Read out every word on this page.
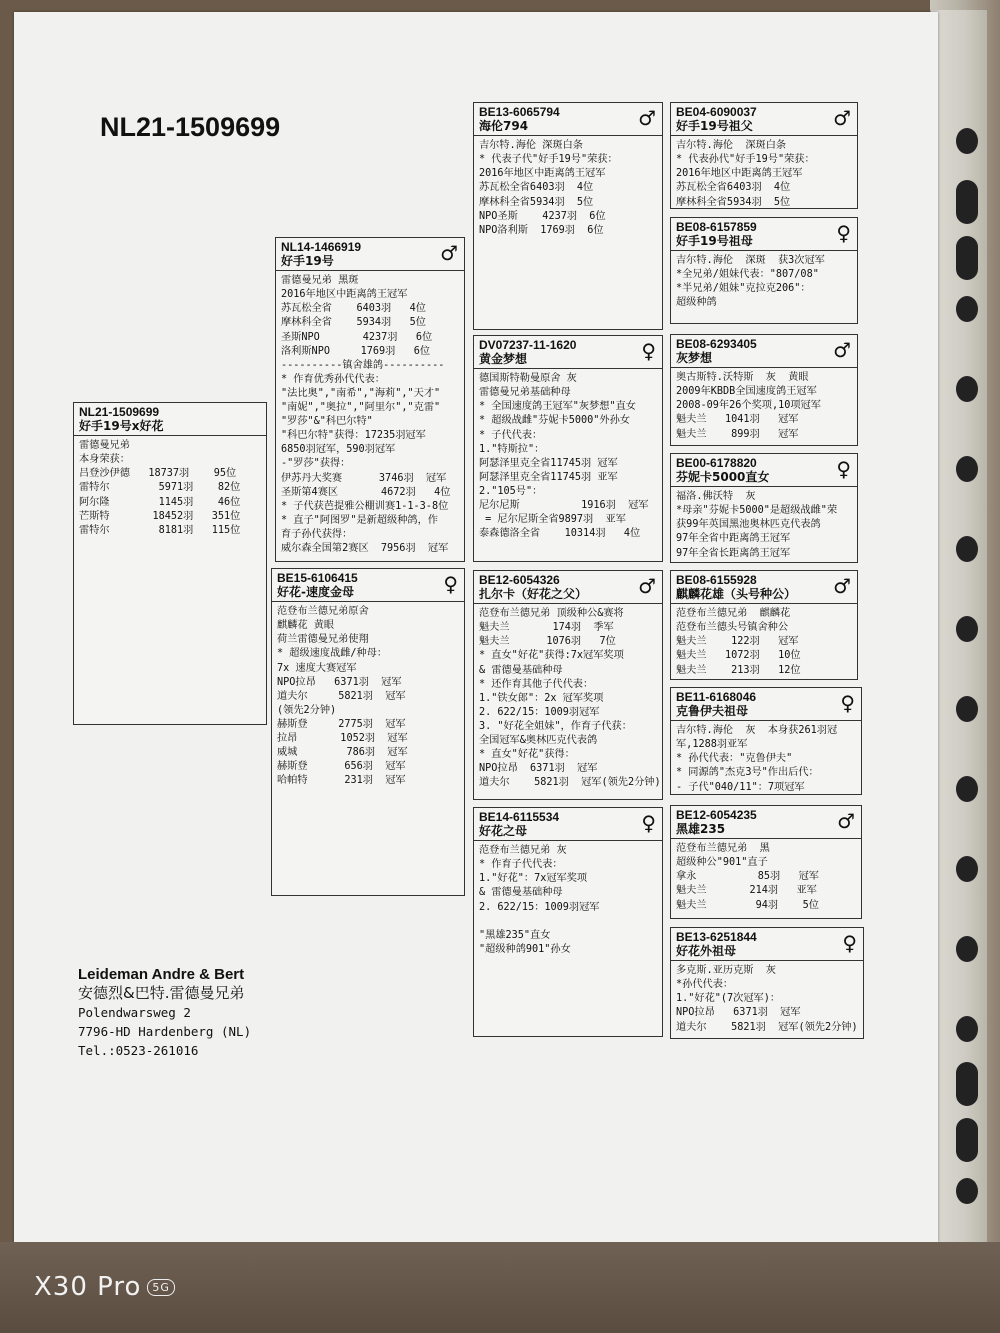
NL21-1509699
NL21-1509699
好手19号x好花
雷德曼兄弟
本身荣获：
吕登沙伊德   18737羽    95位
雷特尔        5971羽    82位
阿尔隆        1145羽    46位
芒斯特       18452羽   351位
雷特尔        8181羽   115位
NL14-1466919
好手19号	♂
雷德曼兄弟 黑斑
2016年地区中距离鸽王冠军
苏瓦松全省    6403羽   4位
摩林科全省    5934羽   5位
圣斯NPO       4237羽   6位
洛利斯NPO     1769羽   6位
----------镇舍雄鸽----------
* 作育优秀孙代代表：
"法比奥","南希","海莉","天才"
"南妮","奥拉","阿里尔","克雷"
"罗莎"&"科巴尔特"
"科巴尔特"获得：17235羽冠军
6850羽冠军，590羽冠军
-"罗莎"获得：
伊苏丹大奖赛      3746羽  冠军
圣斯第4赛区       4672羽   4位
* 子代获芭提雅公棚训赛1-1-3-8位
* 直子"阿图罗"是新超级种鸽，作
育子孙代获得：
威尔森全国第2赛区  7956羽  冠军
BE15-6106415
好花-速度金母	♀
范登布兰德兄弟原舍
麒麟花 黄眼
荷兰雷德曼兄弟使翔
* 超级速度战雌/种母：
7x 速度大赛冠军
NPO拉昂   6371羽  冠军
道夫尔     5821羽  冠军
(领先2分钟)
赫斯登     2775羽  冠军
拉昂       1052羽  冠军
威城        786羽  冠军
赫斯登      656羽  冠军
哈帕特      231羽  冠军
BE13-6065794
海伦794	♂
吉尔特.海伦 深斑白条
* 代表子代"好手19号"荣获：
2016年地区中距离鸽王冠军
苏瓦松全省6403羽  4位
摩林科全省5934羽  5位
NPO圣斯    4237羽  6位
NPO洛利斯  1769羽  6位
DV07237-11-1620
黄金梦想	♀
德国斯特勒曼原舍 灰
雷德曼兄弟基础种母
* 全国速度鸽王冠军"灰梦想"直女
* 超级战雌"芬妮卡5000"外孙女
* 子代代表：
1."特斯拉"：
阿瑟泽里克全省11745羽 冠军
阿瑟泽里克全省11745羽 亚军
2."105号"：
尼尔尼斯          1916羽  冠军
= 尼尔尼斯全省9897羽  亚军
泰森德洛全省    10314羽   4位
BE12-6054326
扎尔卡（好花之父）	♂
范登布兰德兄弟 顶级种公&赛将
魁夫兰       174羽  季军
魁夫兰      1076羽   7位
* 直女"好花"获得:7x冠军奖项
& 雷德曼基础种母
* 还作育其他子代代表：
1."铁女郎"：2x 冠军奖项
2. 622/15：1009羽冠军
3. "好花全姐妹"，作育子代获：
全国冠军&奥林匹克代表鸽
* 直女"好花"获得：
NPO拉昂  6371羽  冠军
道夫尔    5821羽  冠军(领先2分钟)
BE14-6115534
好花之母	♀
范登布兰德兄弟 灰
* 作育子代代表：
1."好花"：7x冠军奖项
& 雷德曼基础种母
2. 622/15：1009羽冠军
"黑雄235"直女
"超级种鸽901"孙女
BE04-6090037
好手19号祖父	♂
吉尔特.海伦  深斑白条
* 代表孙代"好手19号"荣获：
2016年地区中距离鸽王冠军
苏瓦松全省6403羽  4位
摩林科全省5934羽  5位
BE08-6157859
好手19号祖母	♀
吉尔特.海伦  深斑  获3次冠军
*全兄弟/姐妹代表："807/08"
*半兄弟/姐妹"克拉克206"：
超级种鸽
BE08-6293405
灰梦想	♂
奥古斯特.沃特斯  灰  黄眼
2009年KBDB全国速度鸽王冠军
2008-09年26个奖项,10项冠军
魁夫兰   1041羽   冠军
魁夫兰    899羽   冠军
BE00-6178820
芬妮卡5000直女	♀
福洛.佛沃特  灰
*母亲"芬妮卡5000"是超级战雌"荣
获99年英国黑池奥林匹克代表鸽
97年全省中距离鸽王冠军
97年全省长距离鸽王冠军
BE08-6155928
麒麟花雄（头号种公）	♂
范登布兰德兄弟  麒麟花
范登布兰德头号镇舍种公
魁夫兰    122羽   冠军
魁夫兰   1072羽   10位
魁夫兰    213羽   12位
BE11-6168046
克鲁伊夫祖母	♀
吉尔特.海伦  灰  本身获261羽冠
军,1288羽亚军
* 孙代代表："克鲁伊夫"
* 同源鸽"杰克3号"作出后代：
- 子代"040/11"：7项冠军
BE12-6054235
黑雄235	♂
范登布兰德兄弟  黑
超级种公"901"直子
拿永          85羽   冠军
魁夫兰       214羽   亚军
魁夫兰        94羽    5位
BE13-6251844
好花外祖母	♀
多克斯.亚历克斯  灰
*孙代代表：
1."好花"(7次冠军)：
NPO拉昂   6371羽  冠军
道夫尔    5821羽  冠军(领先2分钟)
Leideman Andre & Bert
安德烈&巴特.雷德曼兄弟
Polendwarsweg 2
7796-HD Hardenberg (NL)
Tel.:0523-261016
X30 Pro 5G
